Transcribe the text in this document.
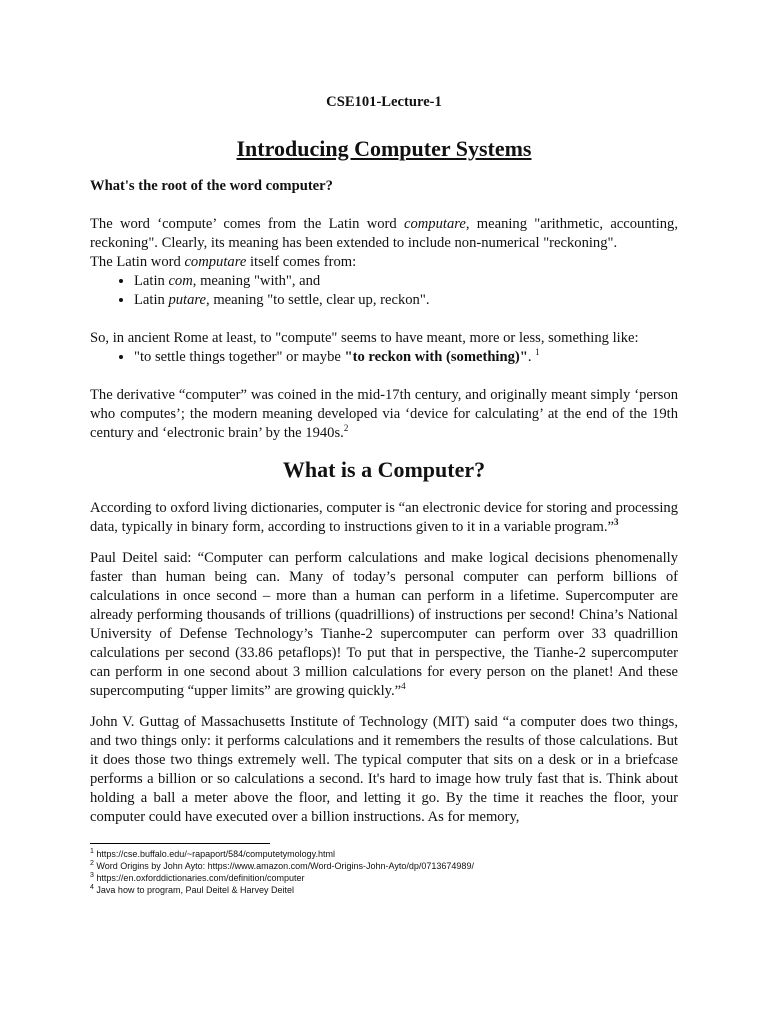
CSE101-Lecture-1

Introducing Computer Systems

What's the root of the word computer?

The word ‘compute’ comes from the Latin word computare, meaning "arithmetic, accounting, reckoning". Clearly, its meaning has been extended to include non-numerical "reckoning".

The Latin word computare itself comes from:

• Latin com, meaning "with", and
• Latin putare, meaning "to settle, clear up, reckon".

So, in ancient Rome at least, to "compute" seems to have meant, more or less, something like:

• "to settle things together" or maybe "to reckon with (something)". $^1$

The derivative “computer” was coined in the mid-17th century, and originally meant simply ‘person who computes’; the modern meaning developed via ‘device for calculating’ at the end of the 19th century and ‘electronic brain’ by the 1940s.$^2$

What is a Computer?

According to oxford living dictionaries, computer is “an electronic device for storing and processing data, typically in binary form, according to instructions given to it in a variable program.”$^3$

Paul Deitel said: “Computer can perform calculations and make logical decisions phenomenally faster than human being can. Many of today’s personal computer can perform billions of calculations in once second – more than a human can perform in a lifetime. Supercomputer are already performing thousands of trillions (quadrillions) of instructions per second! China’s National University of Defense Technology’s Tianhe-2 supercomputer can perform over 33 quadrillion calculations per second (33.86 petaflops)! To put that in perspective, the Tianhe-2 supercomputer can perform in one second about 3 million calculations for every person on the planet! And these supercomputing “upper limits” are growing quickly.”$^4$

John V. Guttag of Massachusetts Institute of Technology (MIT) said “a computer does two things, and two things only: it performs calculations and it remembers the results of those calculations. But it does those two things extremely well. The typical computer that sits on a desk or in a briefcase performs a billion or so calculations a second. It's hard to image how truly fast that is. Think about holding a ball a meter above the floor, and letting it go. By the time it reaches the floor, your computer could have executed over a billion instructions. As for memory,

$^1$ https://cse.buffalo.edu/~rapaport/584/computetymology.html
$^2$ Word Origins by John Ayto: https://www.amazon.com/Word-Origins-John-Ayto/dp/0713674989/
$^3$ https://en.oxforddictionaries.com/definition/computer
$^4$ Java how to program, Paul Deitel & Harvey Deitel
